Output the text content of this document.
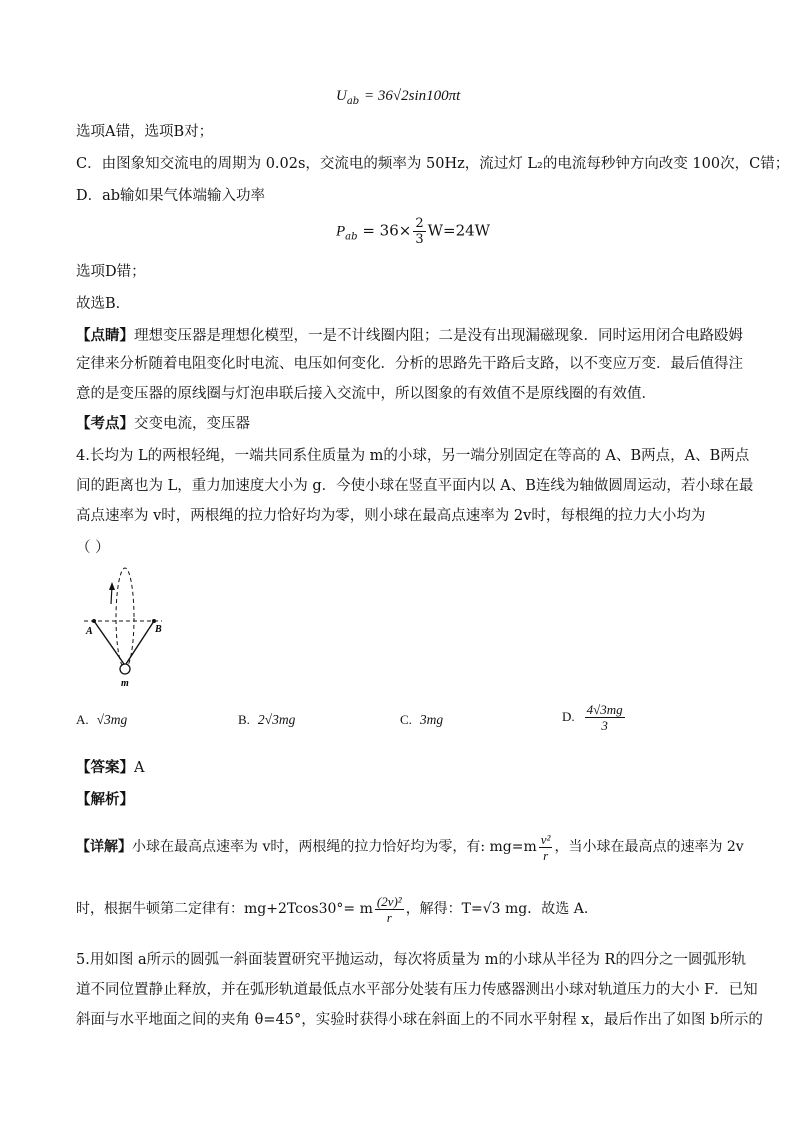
$U_{ab} = 36√2\sin 100\pi t$
选项A错，选项B对；
C．由图象知交流电的周期为 0.02s，交流电的频率为 50Hz，流过灯 L₂的电流每秒钟方向改变 100次，C错；
D．ab输如果气体端输入功率
$P_{ab} = 36\times \frac{2}{3} W=24W$
选项D错；
故选B．
【点睛】理想变压器是理想化模型，一是不计线圈内阻；二是没有出现漏磁现象．同时运用闭合电路殴姆
定律来分析随着电阻变化时电流、电压如何变化．分析的思路先干路后支路，以不变应万变．最后值得注
意的是变压器的原线圈与灯泡串联后接入交流中，所以图象的有效值不是原线圈的有效值．
【考点】交变电流，变压器
4.长均为 L的两根轻绳，一端共同系住质量为 m的小球，另一端分别固定在等高的 A、B两点，A、B两点
间的距离也为 L，重力加速度大小为 g．今使小球在竖直平面内以 A、B连线为轴做圆周运动，若小球在最
高点速率为 v时，两根绳的拉力恰好均为零，则小球在最高点速率为 2v时，每根绳的拉力大小均为
（ ）
A	B
m
A. √3mg	B. 2√3mg	C. 3mg	D. $\frac{4√3mg}{3}$
【答案】A
【解析】
【详解】小球在最高点速率为 v时，两根绳的拉力恰好均为零，有: $mg=m \frac{\text{v²}}{r}$ ，当小球在最高点的速率为 2v
时，根据牛顿第二定律有：mg+2Tcos30°= m $\frac{\text{(2v)²}}{r}$ ，解得：T=√3 mg．故选 A.
5.用如图 a所示的圆弧一斜面装置研究平抛运动，每次将质量为 m的小球从半径为 R的四分之一圆弧形轨
道不同位置静止释放，并在弧形轨道最低点水平部分处装有压力传感器测出小球对轨道压力的大小 F．已知
斜面与水平地面之间的夹角 θ=45°，实验时获得小球在斜面上的不同水平射程 x，最后作出了如图 b所示的
